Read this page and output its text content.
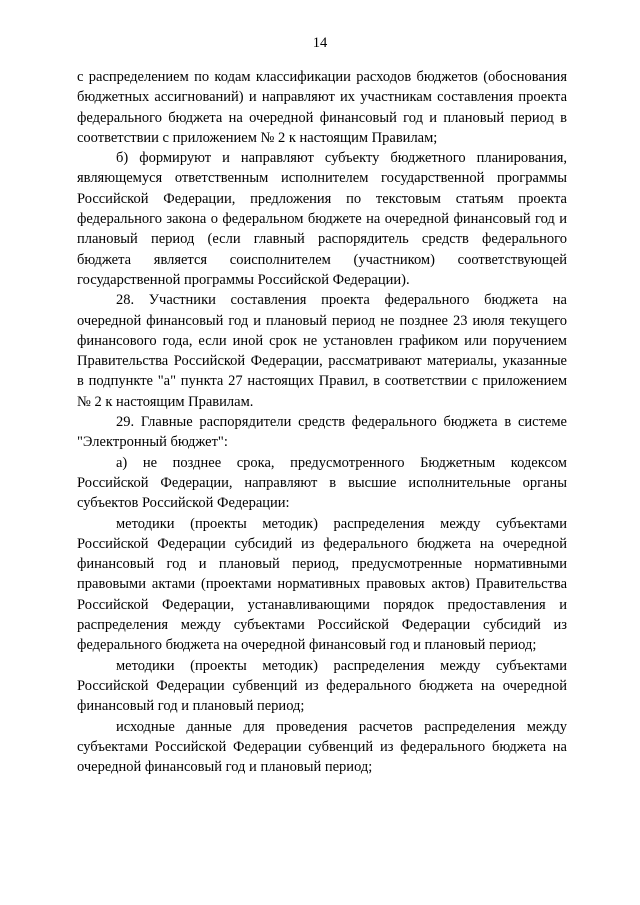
14

с распределением по кодам классификации расходов бюджетов (обоснования бюджетных ассигнований) и направляют их участникам составления проекта федерального бюджета на очередной финансовый год и плановый период в соответствии с приложением № 2 к настоящим Правилам;

б) формируют и направляют субъекту бюджетного планирования, являющемуся ответственным исполнителем государственной программы Российской Федерации, предложения по текстовым статьям проекта федерального закона о федеральном бюджете на очередной финансовый год и плановый период (если главный распорядитель средств федерального бюджета является соисполнителем (участником) соответствующей государственной программы Российской Федерации).

28. Участники составления проекта федерального бюджета на очередной финансовый год и плановый период не позднее 23 июля текущего финансового года, если иной срок не установлен графиком или поручением Правительства Российской Федерации, рассматривают материалы, указанные в подпункте "а" пункта 27 настоящих Правил, в соответствии с приложением № 2 к настоящим Правилам.

29. Главные распорядители средств федерального бюджета в системе "Электронный бюджет":

а) не позднее срока, предусмотренного Бюджетным кодексом Российской Федерации, направляют в высшие исполнительные органы субъектов Российской Федерации:

методики (проекты методик) распределения между субъектами Российской Федерации субсидий из федерального бюджета на очередной финансовый год и плановый период, предусмотренные нормативными правовыми актами (проектами нормативных правовых актов) Правительства Российской Федерации, устанавливающими порядок предоставления и распределения между субъектами Российской Федерации субсидий из федерального бюджета на очередной финансовый год и плановый период;

методики (проекты методик) распределения между субъектами Российской Федерации субвенций из федерального бюджета на очередной финансовый год и плановый период;

исходные данные для проведения расчетов распределения между субъектами Российской Федерации субвенций из федерального бюджета на очередной финансовый год и плановый период;
